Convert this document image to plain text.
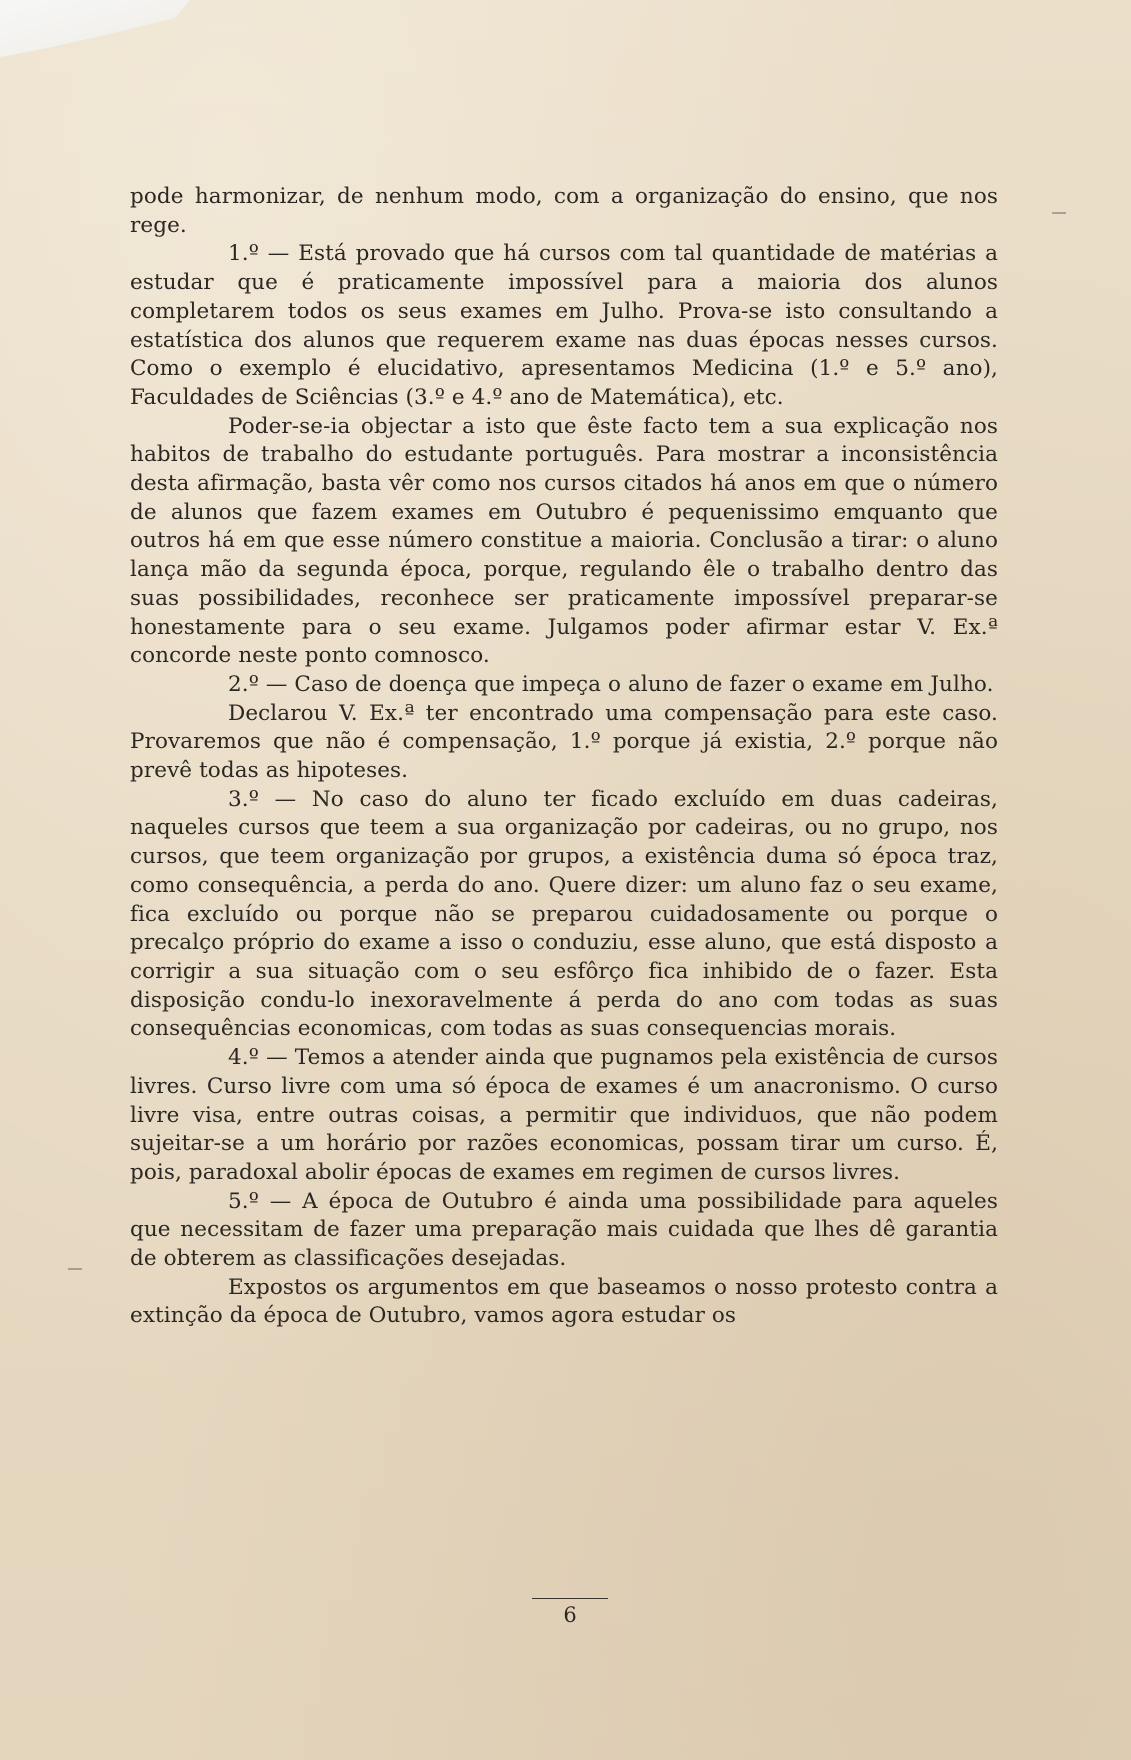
pode harmonizar, de nenhum modo, com a organização do ensino, que nos rege.

1.º — Está provado que há cursos com tal quantidade de matérias a estudar que é praticamente impossível para a maioria dos alunos completarem todos os seus exames em Julho. Prova-se isto consultando a estatística dos alunos que requerem exame nas duas épocas nesses cursos. Como o exemplo é elucidativo, apresentamos Medicina (1.º e 5.º ano), Faculdades de Sciências (3.º e 4.º ano de Matemática), etc.

Poder-se-ia objectar a isto que êste facto tem a sua explicação nos habitos de trabalho do estudante português. Para mostrar a inconsistência desta afirmação, basta vêr como nos cursos citados há anos em que o número de alunos que fazem exames em Outubro é pequenissimo emquanto que outros há em que esse número constitue a maioria. Conclusão a tirar: o aluno lança mão da segunda época, porque, regulando êle o trabalho dentro das suas possibilidades, reconhece ser praticamente impossível preparar-se honestamente para o seu exame. Julgamos poder afirmar estar V. Ex.ª concorde neste ponto comnosco.

2.º — Caso de doença que impeça o aluno de fazer o exame em Julho.

Declarou V. Ex.ª ter encontrado uma compensação para este caso. Provaremos que não é compensação, 1.º porque já existia, 2.º porque não prevê todas as hipoteses.

3.º — No caso do aluno ter ficado excluído em duas cadeiras, naqueles cursos que teem a sua organização por cadeiras, ou no grupo, nos cursos, que teem organização por grupos, a existência duma só época traz, como consequência, a perda do ano. Quere dizer: um aluno faz o seu exame, fica excluído ou porque não se preparou cuidadosamente ou porque o precalço próprio do exame a isso o conduziu, esse aluno, que está disposto a corrigir a sua situação com o seu esfôrço fica inhibido de o fazer. Esta disposição condu-lo inexoravelmente á perda do ano com todas as suas consequências economicas, com todas as suas consequencias morais.

4.º — Temos a atender ainda que pugnamos pela existência de cursos livres. Curso livre com uma só época de exames é um anacronismo. O curso livre visa, entre outras coisas, a permitir que individuos, que não podem sujeitar-se a um horário por razões economicas, possam tirar um curso. É, pois, paradoxal abolir épocas de exames em regimen de cursos livres.

5.º — A época de Outubro é ainda uma possibilidade para aqueles que necessitam de fazer uma preparação mais cuidada que lhes dê garantia de obterem as classificações desejadas.

Expostos os argumentos em que baseamos o nosso protesto contra a extinção da época de Outubro, vamos agora estudar os

6
